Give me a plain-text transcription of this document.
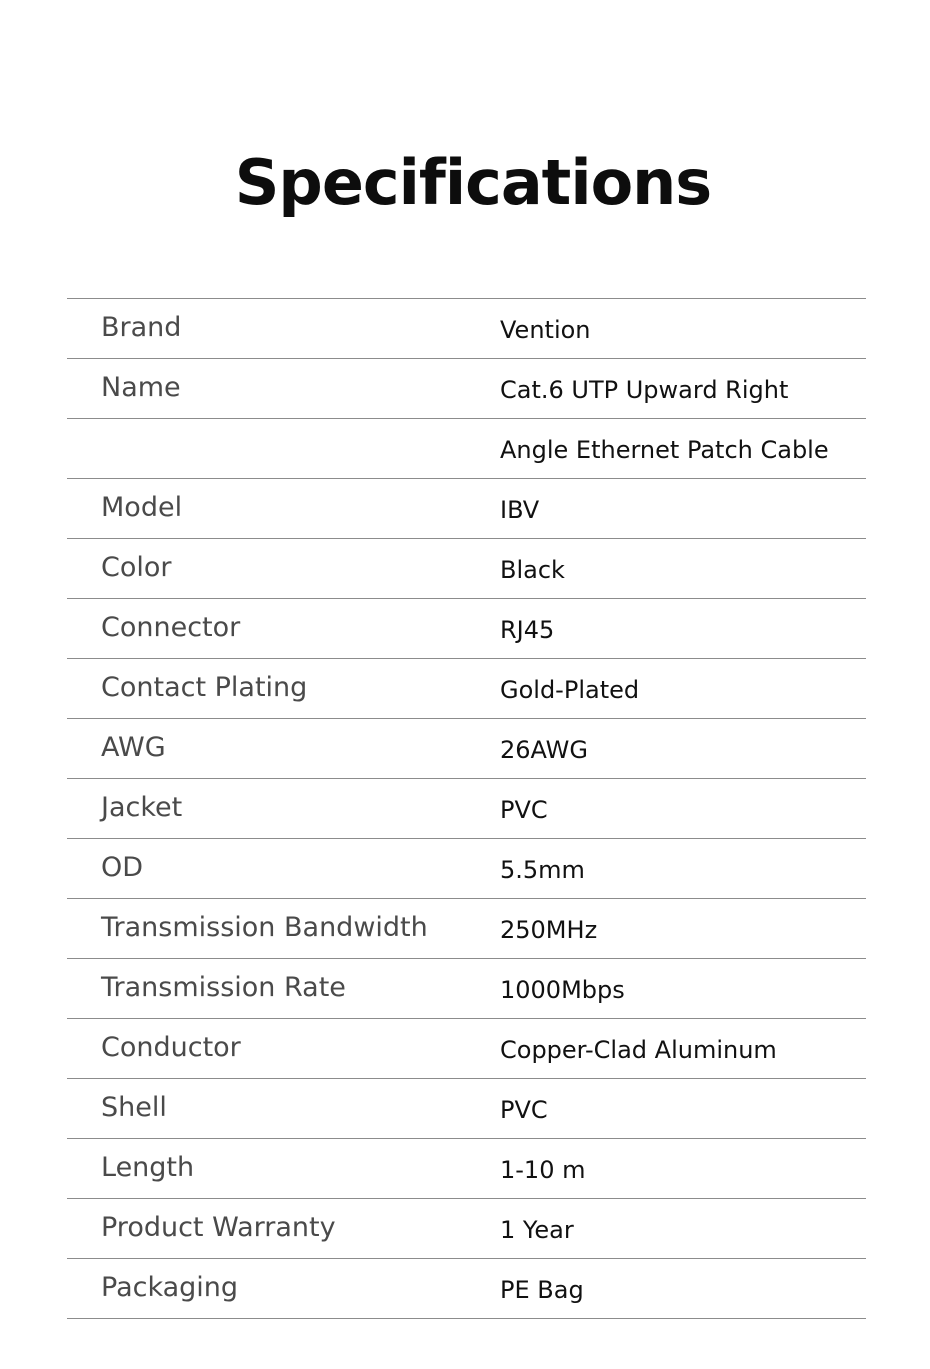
Specifications
Brand	Vention
Name	Cat.6 UTP Upward Right
Angle Ethernet Patch Cable
Model	IBV
Color	Black
Connector	RJ45
Contact Plating	Gold-Plated
AWG	26AWG
Jacket	PVC
OD	5.5mm
Transmission Bandwidth	250MHz
Transmission Rate	1000Mbps
Conductor	Copper-Clad Aluminum
Shell	PVC
Length	1-10 m
Product Warranty	1 Year
Packaging	PE Bag
